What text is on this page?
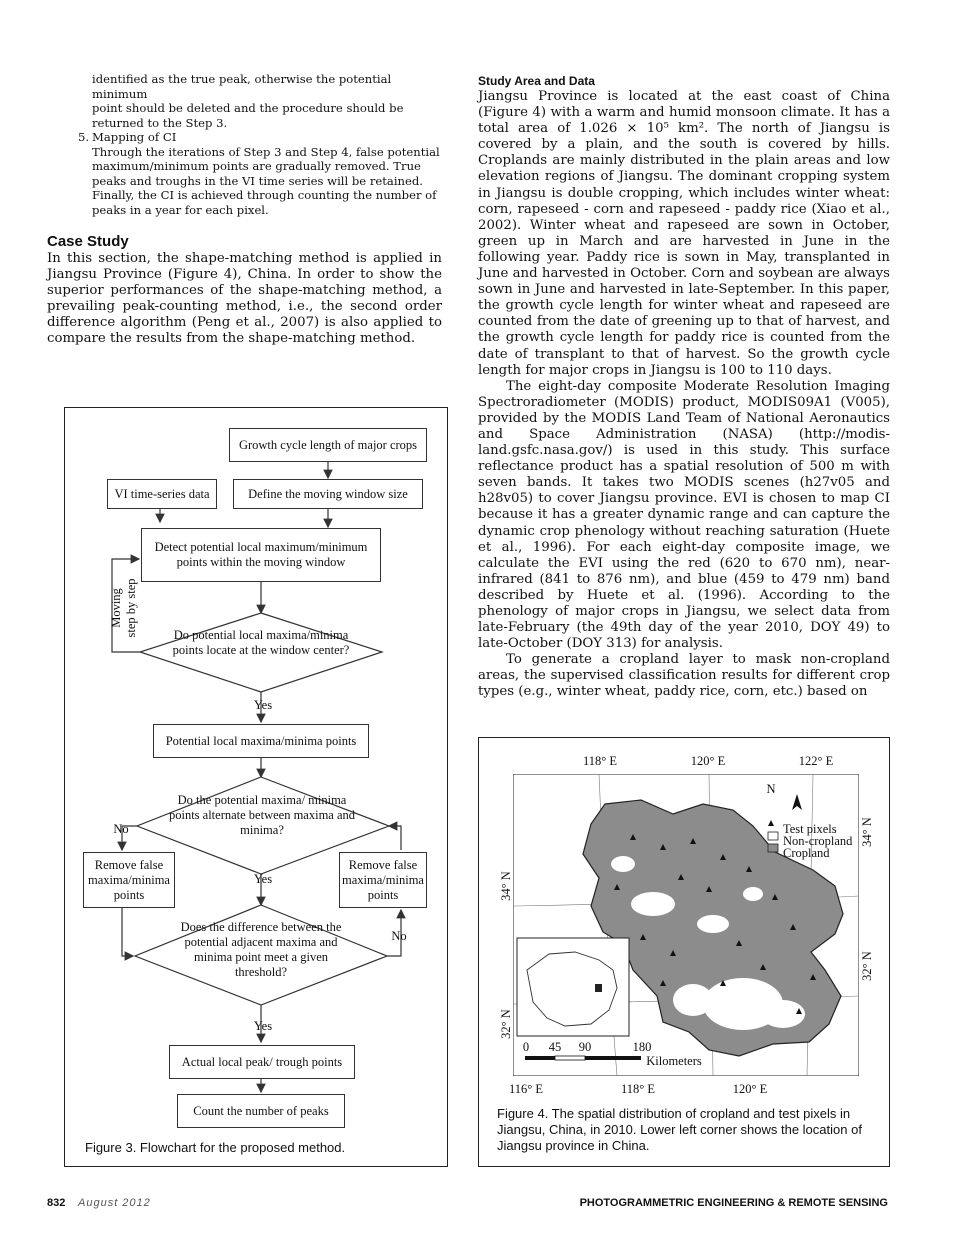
identified as the true peak, otherwise the potential minimum

point should be deleted and the procedure should be

returned to the Step 3.

5. Mapping of CI

Through the iterations of Step 3 and Step 4, false potential

maximum/minimum points are gradually removed. True

peaks and troughs in the VI time series will be retained.

Finally, the CI is achieved through counting the number of

peaks in a year for each pixel.

Case Study

In this section, the shape-matching method is applied in Jiangsu Province (Figure 4), China. In order to show the superior performances of the shape-matching method, a prevailing peak-counting method, i.e., the second order difference algorithm (Peng et al., 2007) is also applied to compare the results from the shape-matching method.

Study Area and Data

Jiangsu Province is located at the east coast of China (Figure 4) with a warm and humid monsoon climate. It has a total area of 1.026 × 10⁵ km². The north of Jiangsu is covered by a plain, and the south is covered by hills. Croplands are mainly distributed in the plain areas and low elevation regions of Jiangsu. The dominant cropping system in Jiangsu is double cropping, which includes winter wheat: corn, rapeseed - corn and rapeseed - paddy rice (Xiao et al., 2002). Winter wheat and rapeseed are sown in October, green up in March and are harvested in June in the following year. Paddy rice is sown in May, transplanted in June and harvested in October. Corn and soybean are always sown in June and harvested in late-September. In this paper, the growth cycle length for winter wheat and rapeseed are counted from the date of greening up to that of harvest, and the growth cycle length for paddy rice is counted from the date of transplant to that of harvest. So the growth cycle length for major crops in Jiangsu is 100 to 110 days.

The eight-day composite Moderate Resolution Imaging Spectroradiometer (MODIS) product, MODIS09A1 (V005), provided by the MODIS Land Team of National Aeronautics and Space Administration (NASA) (http://modis-land.gsfc.nasa.gov/) is used in this study. This surface reflectance product has a spatial resolution of 500 m with seven bands. It takes two MODIS scenes (h27v05 and h28v05) to cover Jiangsu province. EVI is chosen to map CI because it has a greater dynamic range and can capture the dynamic crop phenology without reaching saturation (Huete et al., 1996). For each eight-day composite image, we calculate the EVI using the red (620 to 670 nm), near-infrared (841 to 876 nm), and blue (459 to 479 nm) band described by Huete et al. (1996). According to the phenology of major crops in Jiangsu, we select data from late-February (the 49th day of the year 2010, DOY 49) to late-October (DOY 313) for analysis.

To generate a cropland layer to mask non-cropland areas, the supervised classification results for different crop types (e.g., winter wheat, paddy rice, corn, etc.) based on

Growth cycle length of major crops
VI time-series data	Define the moving window size
Detect potential local maximum/minimum points within the moving window
Moving step by step	Do potential local maxima/minima points locate at the window center?
Yes
Potential local maxima/minima points
Do the potential maxima/ minima points alternate between maxima and minima?
No
Remove false maxima/minima points
Yes
Remove false maxima/minima points
Does the difference between the potential adjacent maxima and minima point meet a given threshold?
No
Yes
Actual local peak/ trough points
Count the number of peaks
Figure 3. Flowchart for the proposed method.
118° E	120° E	122° E
N
Test pixels
Non-cropland
Cropland
34° N
32° N
34° N
32° N
0	45	90	180
Kilometers
116° E	118° E	120° E
Figure 4. The spatial distribution of cropland and test pixels in Jiangsu, China, in 2010. Lower left corner shows the location of Jiangsu province in China.
832 August 2012	PHOTOGRAMMETRIC ENGINEERING & REMOTE SENSING
